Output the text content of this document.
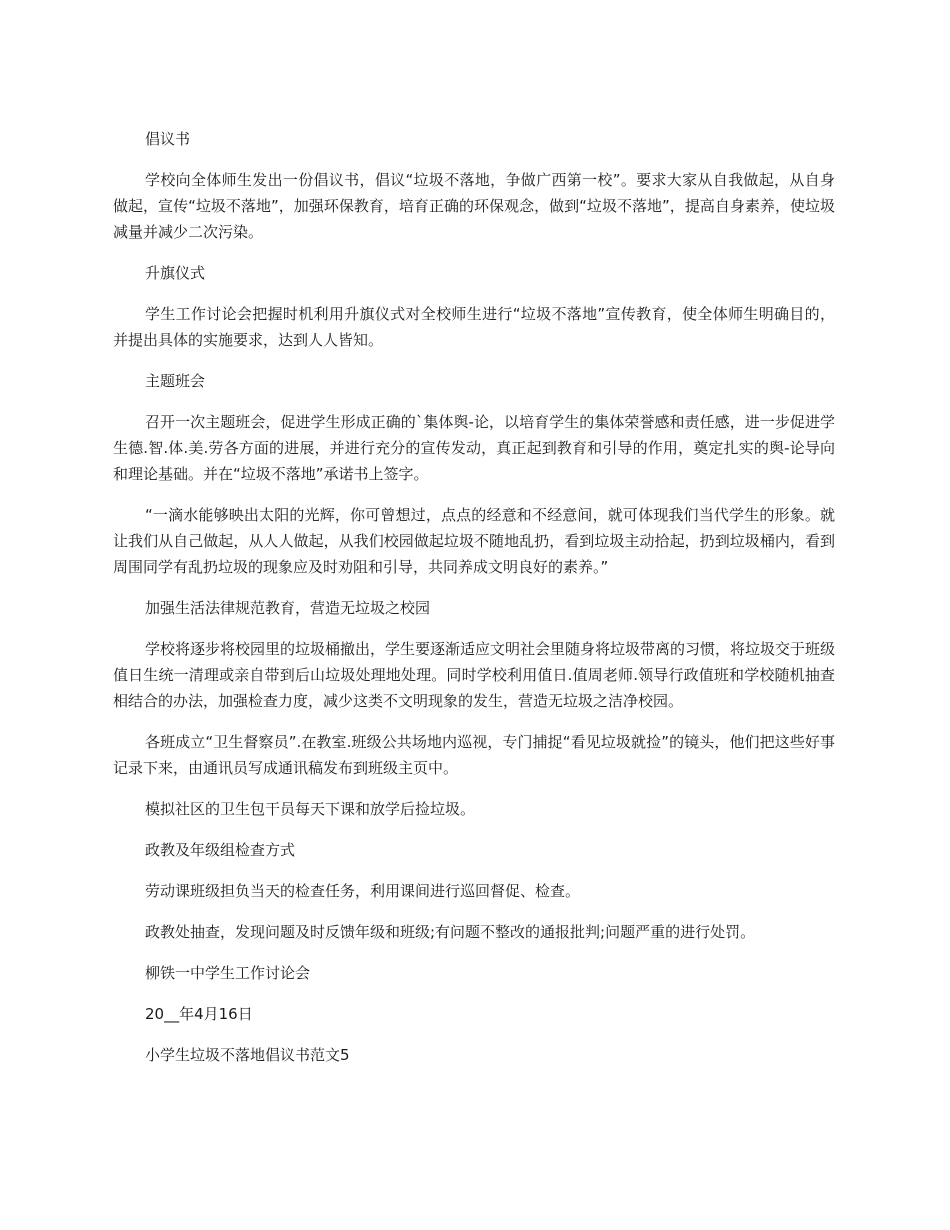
倡议书

学校向全体师生发出一份倡议书，倡议“垃圾不落地，争做广西第一校”。要求大家从自我做起，从自身做起，宣传“垃圾不落地”，加强环保教育，培育正确的环保观念，做到“垃圾不落地”，提高自身素养，使垃圾减量并减少二次污染。

升旗仪式

学生工作讨论会把握时机利用升旗仪式对全校师生进行“垃圾不落地”宣传教育，使全体师生明确目的，并提出具体的实施要求，达到人人皆知。

主题班会

召开一次主题班会，促进学生形成正确的`集体舆-论，以培育学生的集体荣誉感和责任感，进一步促进学生德.智.体.美.劳各方面的进展，并进行充分的宣传发动，真正起到教育和引导的作用，奠定扎实的舆-论导向和理论基础。并在“垃圾不落地”承诺书上签字。

“一滴水能够映出太阳的光辉，你可曾想过，点点的经意和不经意间，就可体现我们当代学生的形象。就让我们从自己做起，从人人做起，从我们校园做起垃圾不随地乱扔，看到垃圾主动拾起，扔到垃圾桶内，看到周围同学有乱扔垃圾的现象应及时劝阻和引导，共同养成文明良好的素养。”

加强生活法律规范教育，营造无垃圾之校园

学校将逐步将校园里的垃圾桶撤出，学生要逐渐适应文明社会里随身将垃圾带离的习惯，将垃圾交于班级值日生统一清理或亲自带到后山垃圾处理地处理。同时学校利用值日.值周老师.领导行政值班和学校随机抽查相结合的办法，加强检查力度，减少这类不文明现象的发生，营造无垃圾之洁净校园。

各班成立“卫生督察员”.在教室.班级公共场地内巡视，专门捕捉“看见垃圾就捡”的镜头，他们把这些好事记录下来，由通讯员写成通讯稿发布到班级主页中。

模拟社区的卫生包干员每天下课和放学后捡垃圾。

政教及年级组检查方式

劳动课班级担负当天的检查任务，利用课间进行巡回督促、检查。

政教处抽查，发现问题及时反馈年级和班级;有问题不整改的通报批判;问题严重的进行处罚。

柳铁一中学生工作讨论会

20__年4月16日

小学生垃圾不落地倡议书范文5
